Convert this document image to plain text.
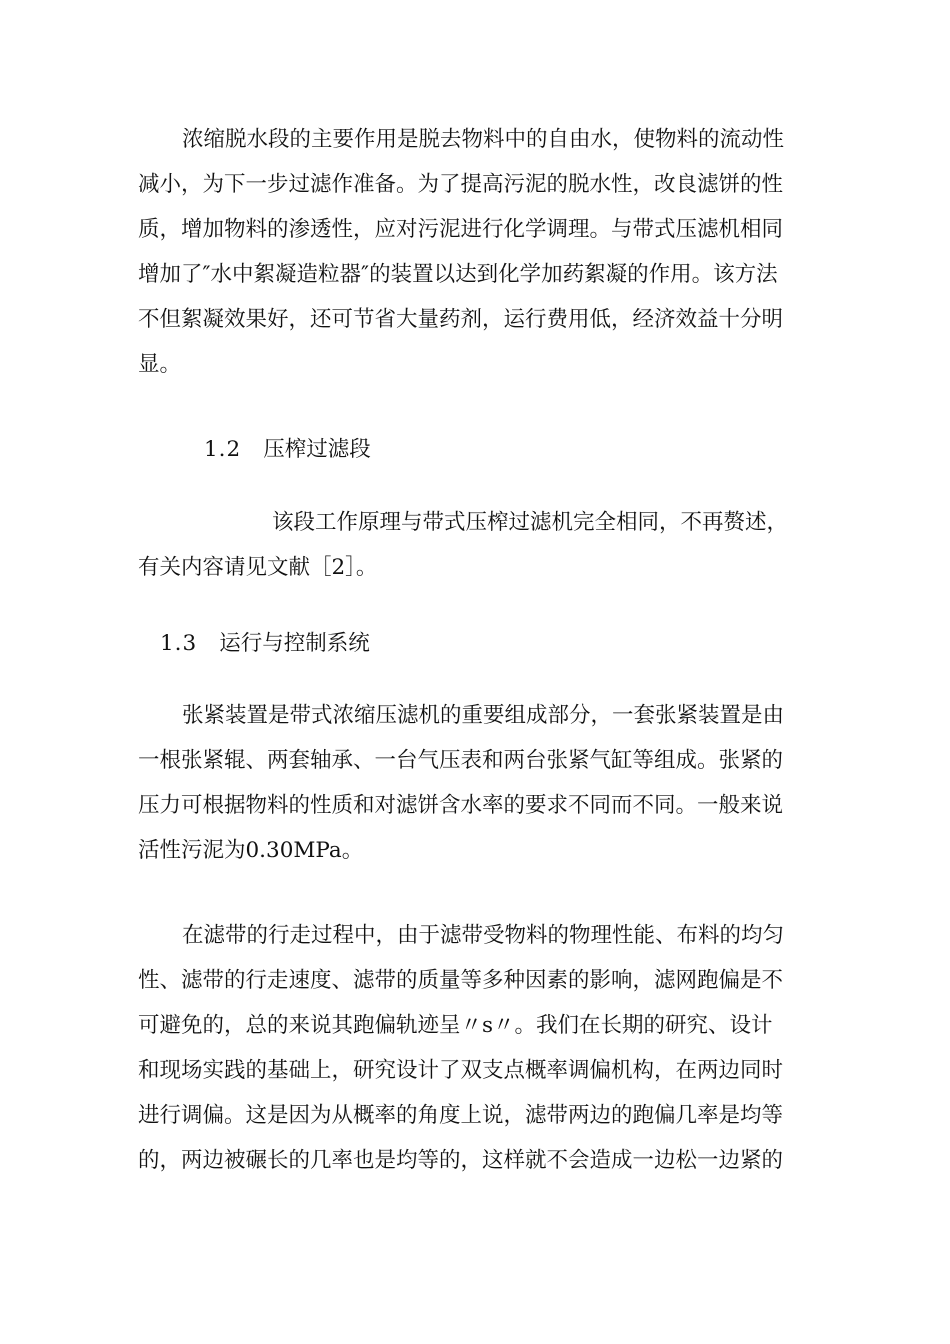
浓缩脱水段的主要作用是脱去物料中的自由水，使物料的流动性
减小，为下一步过滤作准备。为了提高污泥的脱水性，改良滤饼的性
质，增加物料的渗透性，应对污泥进行化学调理。与带式压滤机相同
增加了″水中絮凝造粒器″的装置以达到化学加药絮凝的作用。该方法
不但絮凝效果好，还可节省大量药剂，运行费用低，经济效益十分明
显。
1.2 压榨过滤段
该段工作原理与带式压榨过滤机完全相同，不再赘述，
有关内容请见文献［2］。
1.3 运行与控制系统
张紧装置是带式浓缩压滤机的重要组成部分，一套张紧装置是由
一根张紧辊、两套轴承、一台气压表和两台张紧气缸等组成。张紧的
压力可根据物料的性质和对滤饼含水率的要求不同而不同。一般来说
活性污泥为0.30MPa。
在滤带的行走过程中，由于滤带受物料的物理性能、布料的均匀
性、滤带的行走速度、滤带的质量等多种因素的影响，滤网跑偏是不
可避免的，总的来说其跑偏轨迹呈〃s〃。我们在长期的研究、设计
和现场实践的基础上，研究设计了双支点概率调偏机构，在两边同时
进行调偏。这是因为从概率的角度上说，滤带两边的跑偏几率是均等
的，两边被碾长的几率也是均等的，这样就不会造成一边松一边紧的
